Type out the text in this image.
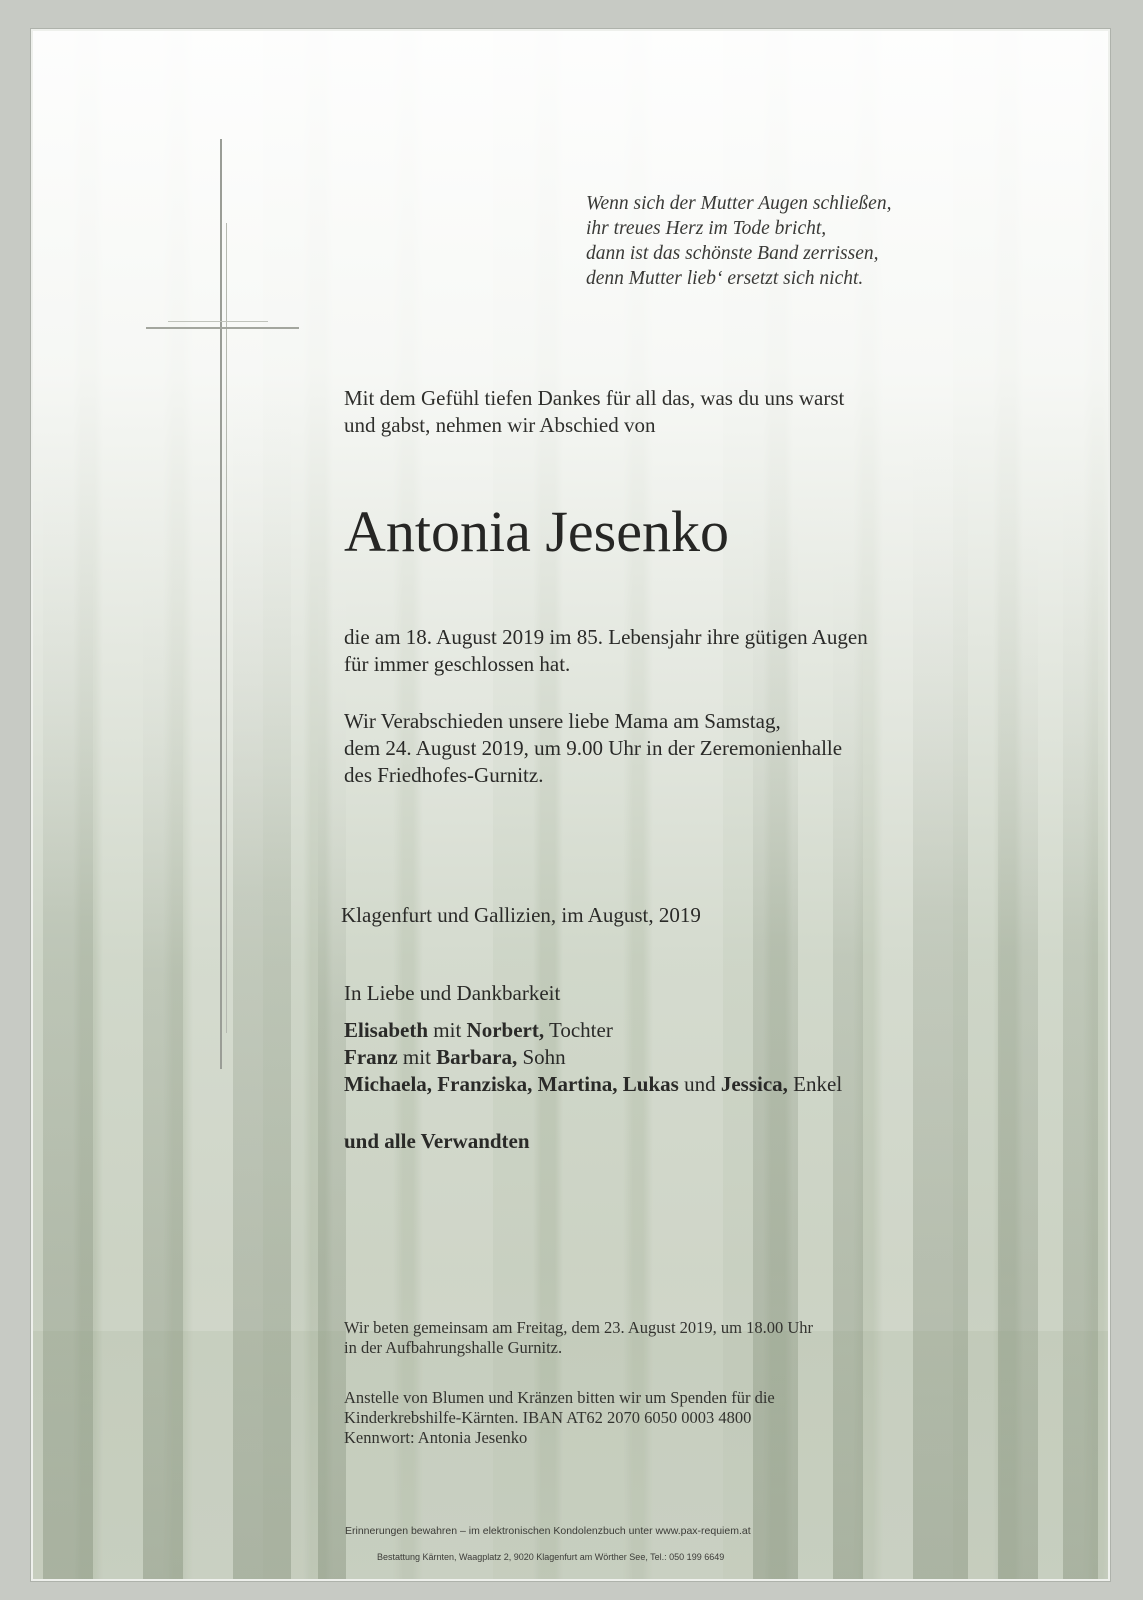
Wenn sich der Mutter Augen schließen,
ihr treues Herz im Tode bricht,
dann ist das schönste Band zerrissen,
denn Mutter lieb‘ ersetzt sich nicht.
Mit dem Gefühl tiefen Dankes für all das, was du uns warst
und gabst, nehmen wir Abschied von
Antonia Jesenko
die am 18. August 2019 im 85. Lebensjahr ihre gütigen Augen
für immer geschlossen hat.
Wir Verabschieden unsere liebe Mama am Samstag,
dem 24. August 2019, um 9.00 Uhr in der Zeremonienhalle
des Friedhofes-Gurnitz.
Klagenfurt und Gallizien, im August, 2019
In Liebe und Dankbarkeit
Elisabeth mit Norbert, Tochter
Franz mit Barbara, Sohn
Michaela, Franziska, Martina, Lukas und Jessica, Enkel
und alle Verwandten
Wir beten gemeinsam am Freitag, dem 23. August 2019, um 18.00 Uhr
in der Aufbahrungshalle Gurnitz.
Anstelle von Blumen und Kränzen bitten wir um Spenden für die
Kinderkrebshilfe-Kärnten. IBAN AT62 2070 6050 0003 4800
Kennwort: Antonia Jesenko
Erinnerungen bewahren – im elektronischen Kondolenzbuch unter www.pax-requiem.at
Bestattung Kärnten, Waagplatz 2, 9020 Klagenfurt am Wörther See, Tel.: 050 199 6649
